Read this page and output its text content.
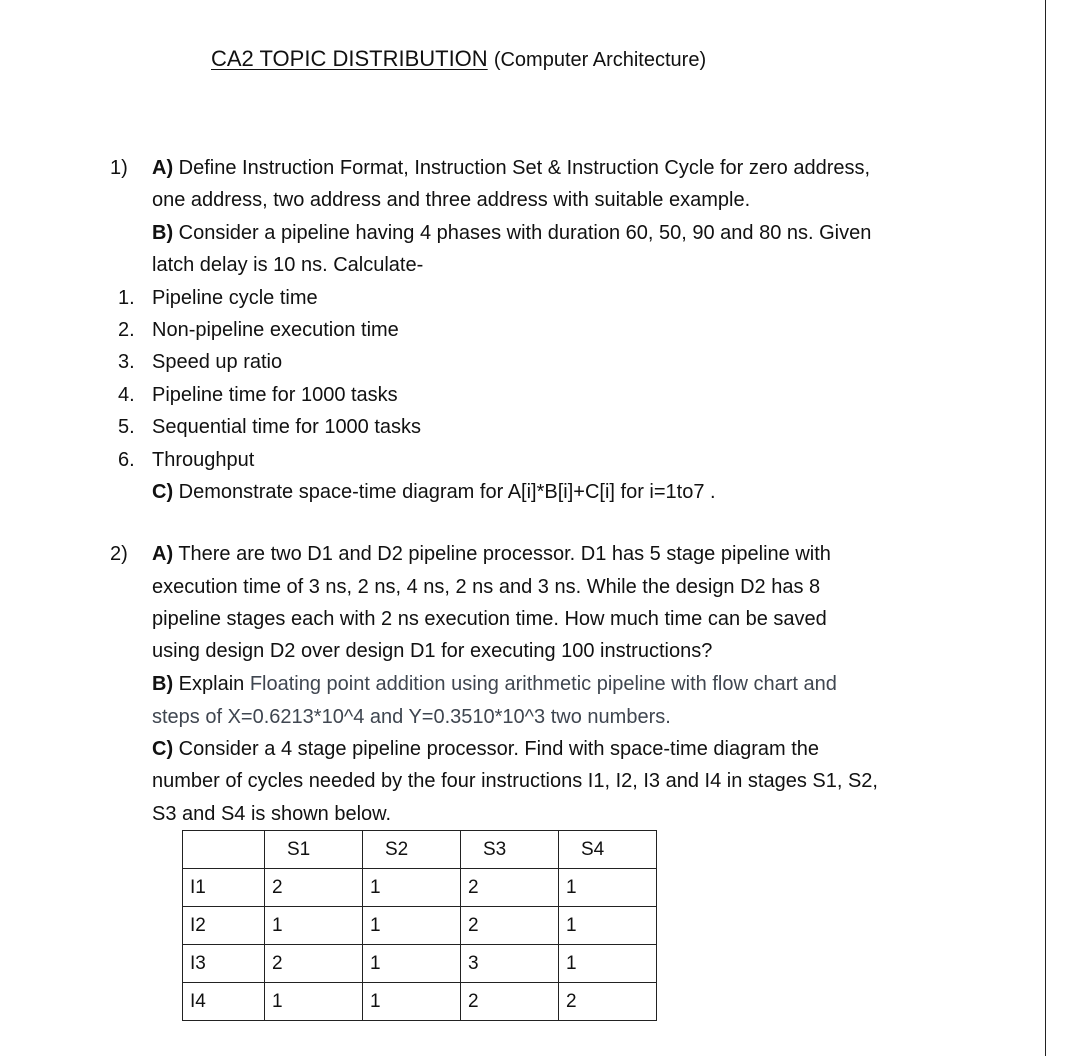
CA2 TOPIC DISTRIBUTION (Computer Architecture)
1) A) Define Instruction Format, Instruction Set & Instruction Cycle for zero address,
one address, two address and three address with suitable example.
B) Consider a pipeline having 4 phases with duration 60, 50, 90 and 80 ns. Given
latch delay is 10 ns. Calculate-
1. Pipeline cycle time
2. Non-pipeline execution time
3. Speed up ratio
4. Pipeline time for 1000 tasks
5. Sequential time for 1000 tasks
6. Throughput
C) Demonstrate space-time diagram for A[i]*B[i]+C[i] for i=1to7 .
2) A) There are two D1 and D2 pipeline processor. D1 has 5 stage pipeline with
execution time of 3 ns, 2 ns, 4 ns, 2 ns and 3 ns. While the design D2 has 8
pipeline stages each with 2 ns execution time. How much time can be saved
using design D2 over design D1 for executing 100 instructions?
B) Explain Floating point addition using arithmetic pipeline with flow chart and
steps of X=0.6213*10^4 and Y=0.3510*10^3 two numbers.
C) Consider a 4 stage pipeline processor. Find with space-time diagram the
number of cycles needed by the four instructions I1, I2, I3 and I4 in stages S1, S2,
S3 and S4 is shown below.
	S1	S2	S3	S4
I1	2	1	2	1
I2	1	1	2	1
I3	2	1	3	1
I4	1	1	2	2
